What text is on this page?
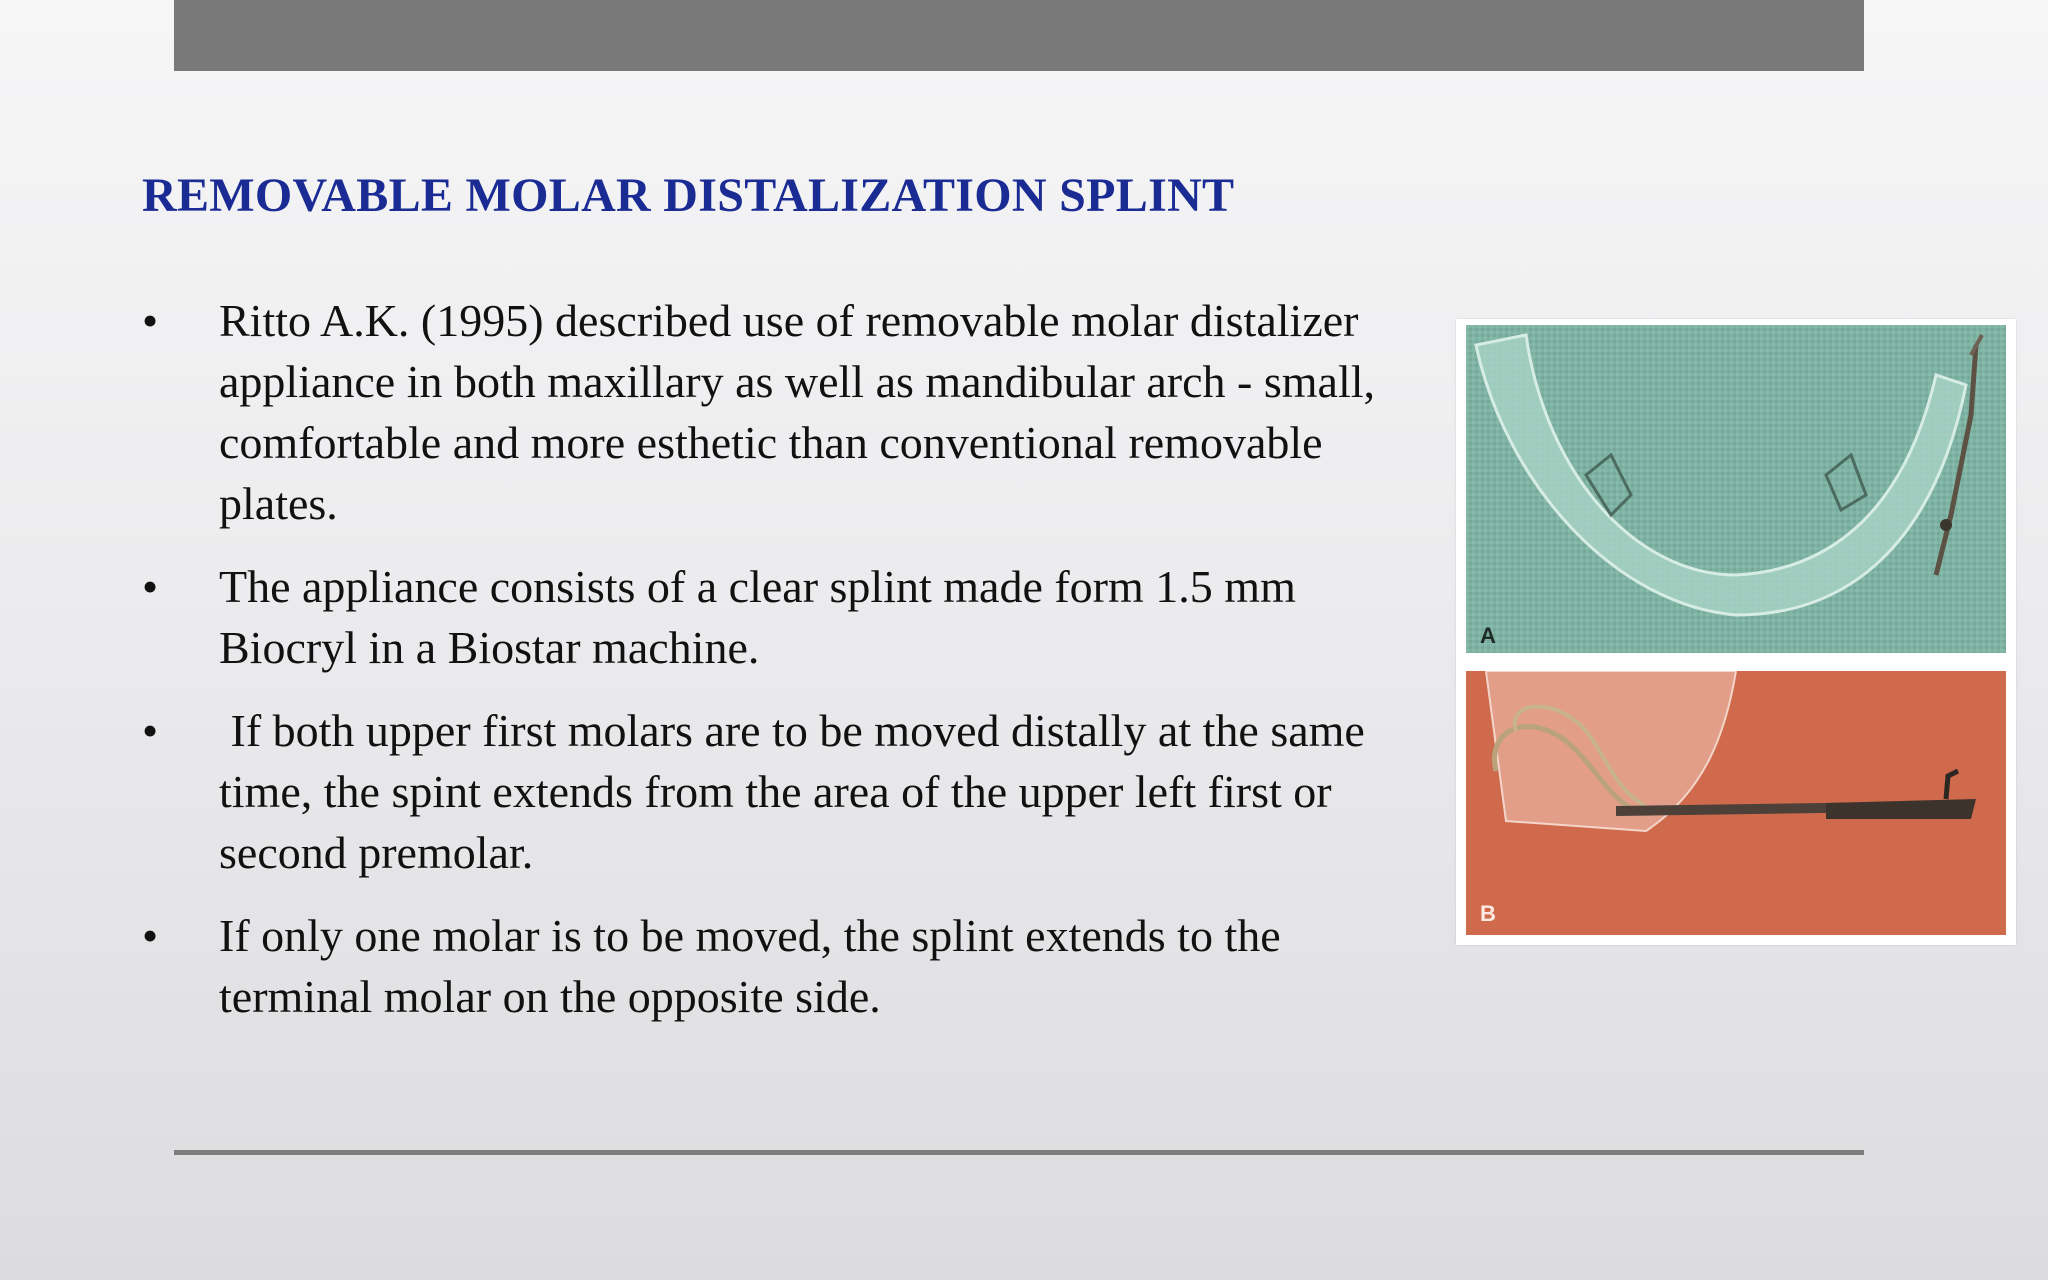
REMOVABLE MOLAR DISTALIZATION SPLINT
•	Ritto A.K. (1995) described use of removable molar distalizer appliance in both maxillary as well as mandibular arch - small, comfortable and more esthetic than conventional removable plates.
•	The appliance consists of a clear splint made form 1.5 mm Biocryl in a Biostar machine.
•	If both upper first molars are to be moved distally at the same time, the spint extends from the area of the upper left first or second premolar.
•	If only one molar is to be moved, the splint extends to the terminal molar on the opposite side.
A
B
